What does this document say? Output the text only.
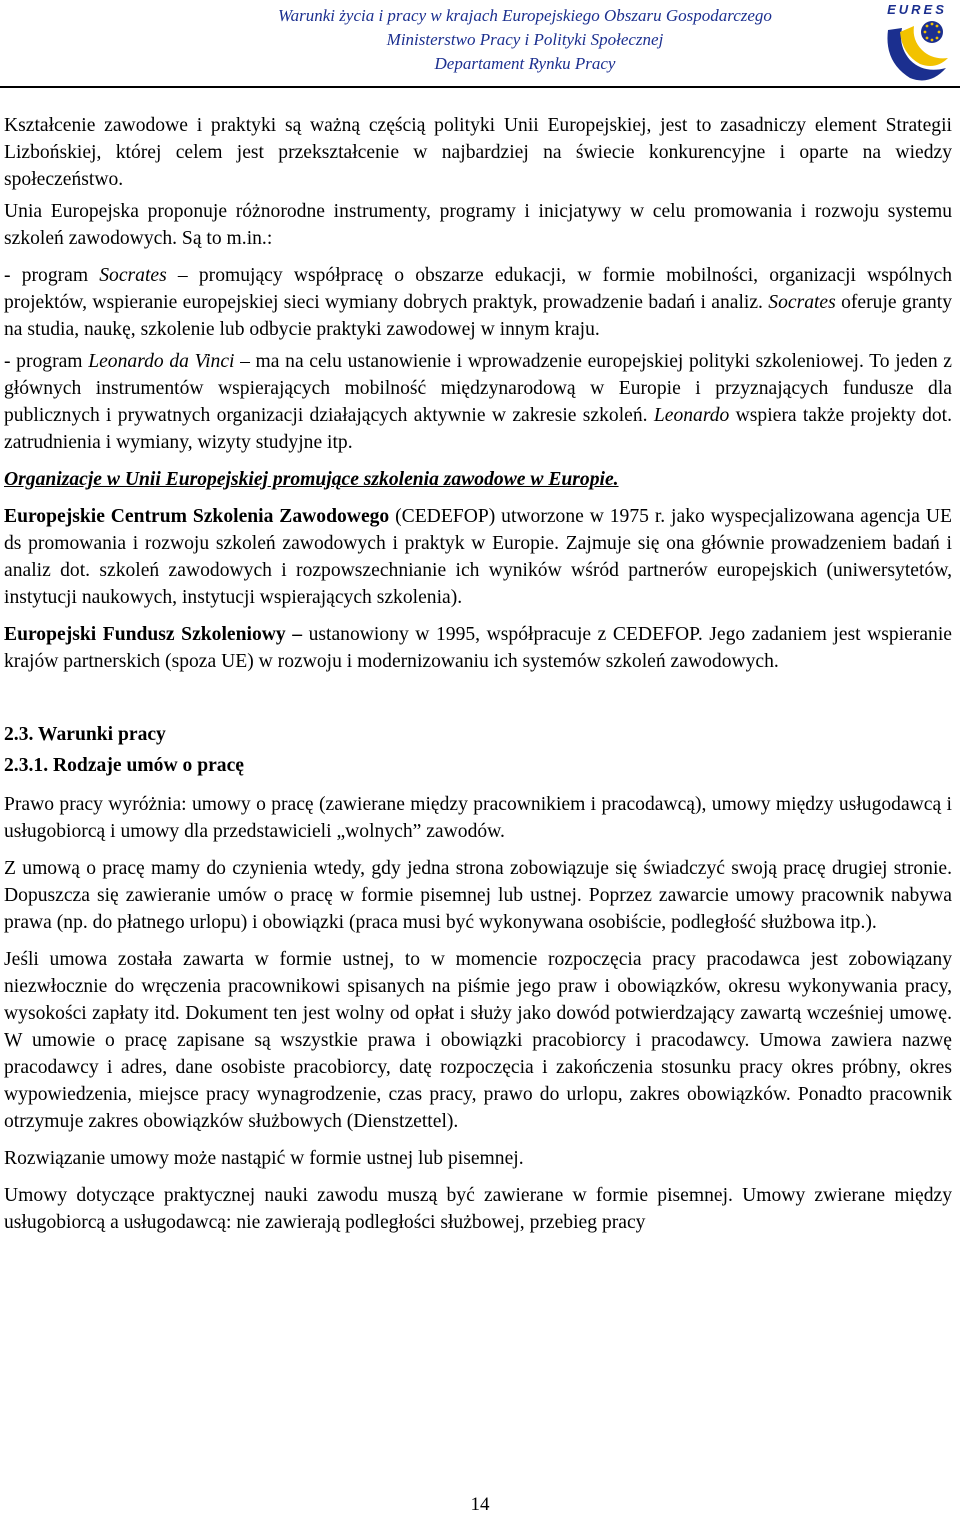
Warunki życia i pracy w krajach Europejskiego Obszaru Gospodarczego
Ministerstwo Pracy i Polityki Społecznej
Departament Rynku Pracy
EURES

Kształcenie zawodowe i praktyki są ważną częścią polityki Unii Europejskiej, jest to zasadniczy element Strategii Lizbońskiej, której celem jest przekształcenie w najbardziej na świecie konkurencyjne i oparte na wiedzy społeczeństwo.

Unia Europejska proponuje różnorodne instrumenty, programy i inicjatywy w celu promowania i rozwoju systemu szkoleń zawodowych. Są to m.in.:

- program Socrates – promujący współpracę o obszarze edukacji, w formie mobilności, organizacji wspólnych projektów, wspieranie europejskiej sieci wymiany dobrych praktyk, prowadzenie badań i analiz. Socrates oferuje granty na studia, naukę, szkolenie lub odbycie praktyki zawodowej w innym kraju.

- program Leonardo da Vinci – ma na celu ustanowienie i wprowadzenie europejskiej polityki szkoleniowej. To jeden z głównych instrumentów wspierających mobilność międzynarodową w Europie i przyznających fundusze dla publicznych i prywatnych organizacji działających aktywnie w zakresie szkoleń. Leonardo wspiera także projekty dot. zatrudnienia i wymiany, wizyty studyjne itp.

Organizacje w Unii Europejskiej promujące szkolenia zawodowe w Europie.

Europejskie Centrum Szkolenia Zawodowego (CEDEFOP) utworzone w 1975 r. jako wyspecjalizowana agencja UE ds promowania i rozwoju szkoleń zawodowych i praktyk w Europie. Zajmuje się ona głównie prowadzeniem badań i analiz dot. szkoleń zawodowych i rozpowszechnianie ich wyników wśród partnerów europejskich (uniwersytetów, instytucji naukowych, instytucji wspierających szkolenia).

Europejski Fundusz Szkoleniowy – ustanowiony w 1995, współpracuje z CEDEFOP. Jego zadaniem jest wspieranie krajów partnerskich (spoza UE) w rozwoju i modernizowaniu ich systemów szkoleń zawodowych.

2.3. Warunki pracy

2.3.1. Rodzaje umów o pracę

Prawo pracy wyróżnia: umowy o pracę (zawierane między pracownikiem i pracodawcą), umowy między usługodawcą i usługobiorcą i umowy dla przedstawicieli „wolnych” zawodów.

Z umową o pracę mamy do czynienia wtedy, gdy jedna strona zobowiązuje się świadczyć swoją pracę drugiej stronie. Dopuszcza się zawieranie umów o pracę w formie pisemnej lub ustnej. Poprzez zawarcie umowy pracownik nabywa prawa (np. do płatnego urlopu) i obowiązki (praca musi być wykonywana osobiście, podległość służbowa itp.).

Jeśli umowa została zawarta w formie ustnej, to w momencie rozpoczęcia pracy pracodawca jest zobowiązany niezwłocznie do wręczenia pracownikowi spisanych na piśmie jego praw i obowiązków, okresu wykonywania pracy, wysokości zapłaty itd. Dokument ten jest wolny od opłat i służy jako dowód potwierdzający zawartą wcześniej umowę. W umowie o pracę zapisane są wszystkie prawa i obowiązki pracobiorcy i pracodawcy. Umowa zawiera nazwę pracodawcy i adres, dane osobiste pracobiorcy, datę rozpoczęcia i zakończenia stosunku pracy okres próbny, okres wypowiedzenia, miejsce pracy wynagrodzenie, czas pracy, prawo do urlopu, zakres obowiązków. Ponadto pracownik otrzymuje zakres obowiązków służbowych (Dienstzettel).

Rozwiązanie umowy może nastąpić w formie ustnej lub pisemnej.

Umowy dotyczące praktycznej nauki zawodu muszą być zawierane w formie pisemnej. Umowy zwierane między usługobiorcą a usługodawcą: nie zawierają podległości służbowej, przebieg pracy

14
